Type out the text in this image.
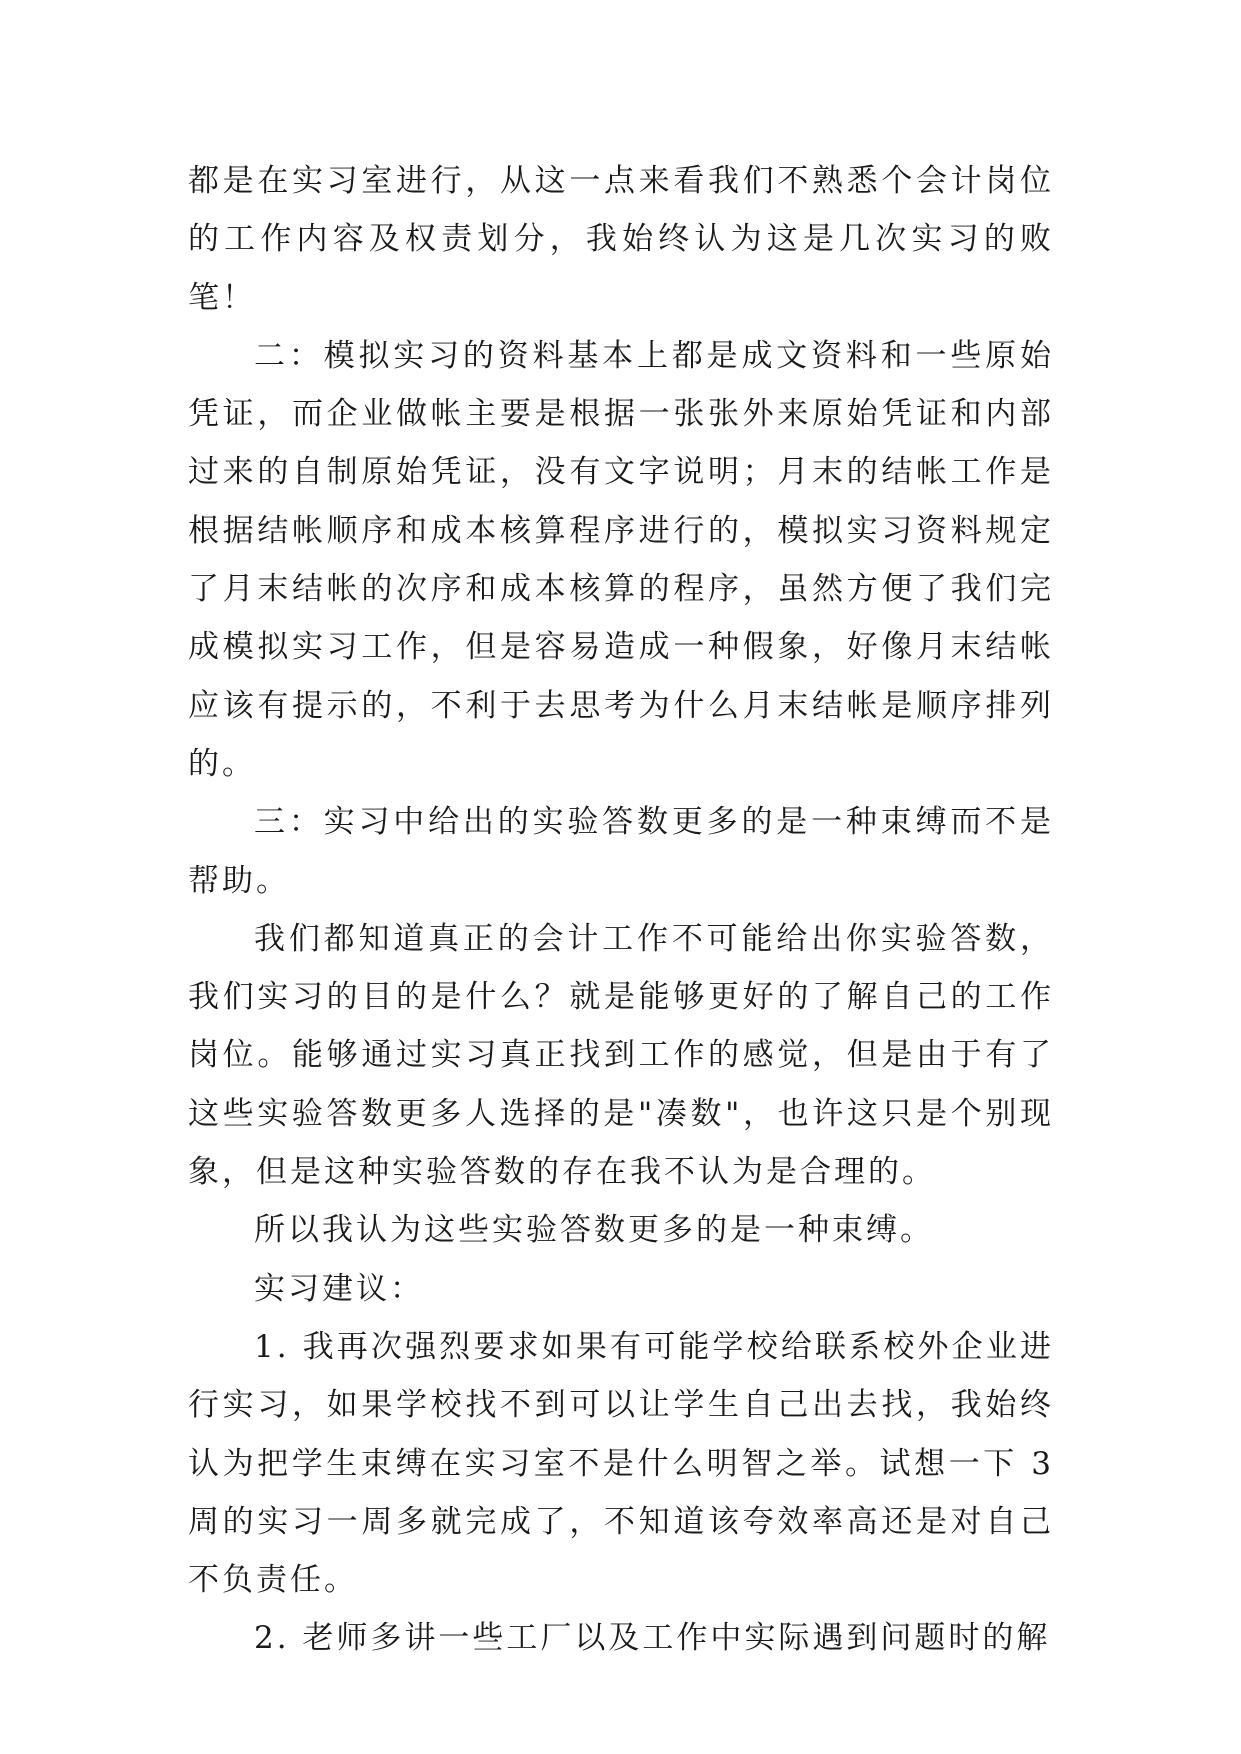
都是在实习室进行，从这一点来看我们不熟悉个会计岗位的工作内容及权责划分，我始终认为这是几次实习的败笔！

二：模拟实习的资料基本上都是成文资料和一些原始凭证，而企业做帐主要是根据一张张外来原始凭证和内部过来的自制原始凭证，没有文字说明；月末的结帐工作是根据结帐顺序和成本核算程序进行的，模拟实习资料规定了月末结帐的次序和成本核算的程序，虽然方便了我们完成模拟实习工作，但是容易造成一种假象，好像月末结帐应该有提示的，不利于去思考为什么月末结帐是顺序排列的。

三：实习中给出的实验答数更多的是一种束缚而不是帮助。

我们都知道真正的会计工作不可能给出你实验答数，我们实习的目的是什么？就是能够更好的了解自己的工作岗位。能够通过实习真正找到工作的感觉，但是由于有了这些实验答数更多人选择的是"凑数"，也许这只是个别现象，但是这种实验答数的存在我不认为是合理的。

所以我认为这些实验答数更多的是一种束缚。

实习建议：

1. 我再次强烈要求如果有可能学校给联系校外企业进行实习，如果学校找不到可以让学生自己出去找，我始终认为把学生束缚在实习室不是什么明智之举。试想一下 3 周的实习一周多就完成了，不知道该夸效率高还是对自己不负责任。

2. 老师多讲一些工厂以及工作中实际遇到问题时的解
